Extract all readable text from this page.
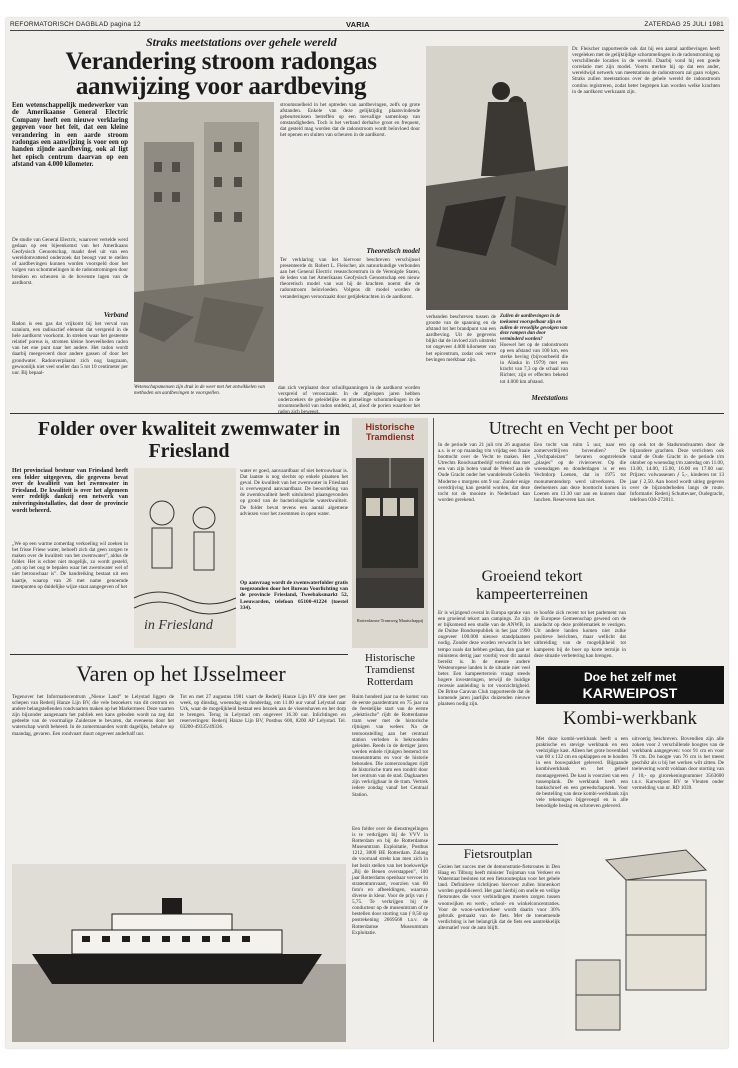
REFORMATORISCH DAGBLAD pagina 12	VARIA	ZATERDAG 25 JULI 1981
Straks meetstations over gehele wereld
Verandering stroom radongas aanwijzing voor aardbeving
Een wetenschappelijk medewerker van de Amerikaanse General Electric Company heeft een nieuwe verklaring gegeven voor het feit, dat een kleine verandering in een aarde stroom radongas een aanwijzing is voor een op handen zijnde aardbeving, ook al ligt het episch centrum daarvan op een afstand van 4.000 kilometer.
De studie van General Electric, waarover vertelde werd gedaan op een bijeenkomst van het Amerikaans Geofysisch Genootschap, maakt deel uit van een wereldomvattend onderzoek dat beoogt vast te stellen of aardbevingen kunnen worden voorspeld door het volgen van schommelingen in de radonstromingen door breuken en scheuren in de bovenste lagen van de aardkorst.
Verband
Radon is een gas dat vrijkomt bij het verval van uranium, een radioactief element dat verspreid in de hele aardkorst voorkomt. In streken waar het gesteente relatief poreus is, stromen kleine hoeveelheden radon van het ene punt naar het andere. Het radon wordt daarbij meegevoerd door andere gassen of door het grondwater. Radonverplaatst zich nog langzaam, gewoonlijk niet veel sneller dan 5 tot 10 centimeter per uur. Bij bepaal-
Wetenschapsmensen zijn druk in de weer met het ontwikkelen van methoden om aardbevingen te voorspellen.
dan zich verplaatst door schuifspanningen in de aardkorst worden verspreid of veroorzaakt. In de afgelopen jaren hebben onderzoekers de geleidelijke en plotselinge schommelingen in de stroomsnelheid van radon ontdekt, af, aloof de porien waardoor het
stroomsnelheid in het optreden van aardbevingen, zelfs op grote afstanden. Enkele van deze gelijktijdig plaatsvindende gebeurtenissen betreffen op een toevallige samenloop van omstandigheden. Toch is het verband derhalve groot en frequent, dat gesteld mag worden dat de radonstroom wordt beïnvloed door het openen en sluiten van scheuren in de aardkorst.
Theoretisch model
Ter verklaring van het hiervoor beschreven verschijnsel presenteerde dr. Robert L. Fleischer, als natuurkundige verbonden aan het General Electric researchcentrum in de Verenigde Staten, de leden van het Amerikaans Geofysisch Genootschap een nieuw theoretisch model van wat hij de krachten noemt die de radonstroom beïnvloeden. Volgens dit model worden de veranderingen veroorzaakt door getijdekrachten in de aardkorst.
verbanden beschreven tussen de grootte van de spanning en de afstand tot het brandpunt van een aardbeving. Uit de gegevens blijkt dat de invloed zich uitstrekt tot ongeveer 4.000 kilometer van het epicentrum, zodat ook verre bevingen merkbaar zijn.
Zullen de aardbevingen in de toekomst voorspelbaar zijn en zullen de vreselijke gevolgen van deze rampen dan door verminderd worden?
Hoewel het op de radonstroom op een afstand van 100 km, een sterke beving (bijvoorbeeld die in Alaska in 1979) met een kracht van 7,3 op de schaal van Richter, zijn er effecten bekend tot 4.000 km afstand.
Meetstations
Dr. Fleischer rapporteerde ook dat hij een aantal aardbevingen heeft vergeleken met de gelijktijdige schommelingen in de radonstroming op verschillende locaties in de wereld. Daarbij vond hij een goede correlatie met zijn model. Voorts merkte hij op dat een ander, wereldwijd netwerk van meetstations de radonstroom zal gaan volgen. Straks zullen meetstations over de gehele wereld de radonstroom continu registreren, zodat beter begrepen kan worden welke krachten in de aardkorst werkzaam zijn.
Folder over kwaliteit zwemwater in Friesland
Het provinciaal bestuur van Friesland heeft een folder uitgegeven, die gegevens bevat over de kwaliteit van het zwemwater in Friesland. De kwaliteit is over het algemeen weer redelijk dankzij een netwerk van zuiveringsinstallaties, dat door de provincie wordt beheerd.
„We op een warme zomerdag verkoeling wil zoeken in het frisse Friese water, behoeft zich dat geen zorgen te maken over de kwaliteit van het zwemwater”, aldus de folder. Het is echter niet mogelijk, zo wordt gesteld, „om op het oog te bepalen waar het zwemwater wel of niet betrouwbaar is”. De handreiking bestaat uit een kaartje, waarop van 26 met name genoemde meetpunten op duidelijke wijze staat aangegeven of het
in Friesland
water er goed, aanvaardbaar of niet betrouwbaar is. Dat laatste is nog slechts op enkele plaatsen het geval. De kwaliteit van het zwemwater in Friesland is overwegend aanvaardbaar. De beoordeling van de zwemkwaliteit heeft uitsluitend plaatsgevonden op grond van de bacteriologische waterkwaliteit. De folder bevat tevens een aantal algemene adviezen voor het zwemmen in open water.
Op aanvraag wordt de zwemwaterfolder gratis toegezonden door het Bureau Voorlichting van de provincie Friesland, Tweebaksmarkt 52, Leeuwarden, telefoon 05100-41224 (toestel 334).
Historische Tramdienst
Rotterdamse Tramweg Maatschappij
Historische Tramdienst Rotterdam
Ruim honderd jaar na de komst van de eerste paardentram en 75 jaar na de feestelijke start van de eerste „elektrische” rijdt de Rotterdamse tram weer met de historische rijtuigen van weleer. Na de tentoonstelling aan het centraal station verleden is bekroonden geleiden. Reeds in de dertiger jaren werden enkele rijtuigen bestemd tot museumtrams en voor de historie behouden. Die zomerzondagen rijdt de historische tram een rondrit door het centrum van de stad. Dagkaarten zijn verkrijgbaar in de tram. Vertrek iedere zondag vanaf het Centraal Station.
Een folder over de dienstregelingen is te verkrijgen bij de VVV in Rotterdam en bij de Rotterdamse Museumtram Exploitatie, Postbus 1212, 3000 BE Rotterdam. Zolang de voorraad strekt kan men zich in het bezit stellen van het boekwerkje „Bij de Benen overstappen”, 100 jaar Rotterdams openbaar vervoer in stratentramvaart, voorzien van 60 foto's en afbeeldingen, waarvan diverse in kleur. Voor de prijs van ƒ 5,75. Te verkrijgen bij de conducteur op de museumtram of te bestellen door storting van ƒ 8,50 op postrekening 2669568 t.a.v. de Rotterdamse Museumtram Exploitatie.
Utrecht en Vecht per boot
In de periode van 21 juli t/m 26 augustus a.s. is er op maandag t/m vrijdag een fraaie boottocht over de Vecht te maken. Het Utrechts Rondvaartbedrijf vertrekt dan met een van zijn boten vanaf de Weerd aan de Oude Gracht onder het wandelende Gobelin Moderne s morgens om 9 uur. Zonder enige overdrijving kan gesteld worden, dat deze tocht tot de mooiste in Nederland kan worden gerekend.
Een tocht van ruim 5 uur, naar een zomerverblijven bovendien? De „Vechtpaleizen” bevaren oogstrelende „plasjes” op de rivieroever. Op die woensdagen en donderdagen is er een Vechtdorp Loenen, dat in 1975 tot monumentendorp werd uitverkoren. De deelnemers aan deze boottocht komen in Loenen om 11.30 uur aan en kunnen daar lunchen. Reserveren kan niet.
op ook tot de Stadsrondvaarten door de bijzondere grachten. Deze verrichten ook vanaf de Oude Gracht in de periode t/m oktober op woensdag t/m zaterdag om 11.00, 13.00, 14.00, 15.00, 16.00 en 17.00 uur. Prijzen: volwassenen ƒ 5,-, kinderen tot 13 jaar ƒ 2,50. Aan boord wordt uitleg gegeven over de bijzonderheden langs de route. Informatie: Rederij Schuttevaer, Oudegracht, telefoon 030-272011.
Groeiend tekort kampeerterreinen
Er is wijzigend overal in Europa sprake van een groeiend tekort aan campings. Zo zijn er bijkomend een studie van de ANWB, in de Duitse Bondsrepubliek in het jaar 1990 ongeveer 100.000 nieuwe standplaatsen nodig. Zonder deze worden verwacht in het tempo zoals dat hebben gedaan, dan gaat er ministens dertig jaar voorbij voor dit aantal bereikt is. In de meeste andere Westeuropese landen is de situatie niet veel beter. Een kampeerterrein vraagt steeds hogere investeringen, terwijl de huidige recessie aanleiding is tot voorzichtigheid. De Britse Caravan Club rapporteerde dat de komende jaren jaarlijks duizenden nieuwe plaatsen nodig zijn.
te hoofde zich recent tot het parlement van de Europese Gemeenschap gewend om de aandacht op deze problematiek te vestigen. Uit andere landen komen niet zulke positieve berichten, maar wellicht dat uitbreiding van de mogelijkheid tot kamperen bij de boer op korte termijn in deze situatie verbetering kan brengen.
Doe het zelf met
KARWEIPOST
Kombi-werkbank
Met deze kombi-werkbank heeft u een praktische en stevige werkbank en een veelzijdige kast. Alleen het grote bovenblad van 60 x 132 cm en opklappen en te houden in een bouwpakket geleverd. Bijgaande kombiwerkbank en het geheel montagegereed. De kast is voorzien van een tussenplank. De werkbank heeft een bankschroef en een gereedschapsrek. Voor de bestelling van deze kombi-werkbank zijn vele tekeningen bijgevoegd en is alle benodigde beslag en schroeven geleverd.
uitvoerig beschreven. Bovendien zijn alle zoken voor 2 verschillende hoogtes van de werkbank aangegeven: voor 91 cm en voor 76 cm. Do hoogte van 76 cm is het meest geschikt als u bij het werken wilt zitten. De toelevering wordt voldaan door storting van ƒ 10,- op girorekeningnummer 3563600 t.n.v. Karweipost BV te Vleuten onder vermelding van nr. RD 1039.
Fietsroutplan
Gezien het succes met de demonstratie-fietsroutes in Den Haag en Tilburg heeft minister Tuijnman van Verkeer en Waterstaat besloten tot een fietsroutesplan voor het gehele land. Definitieve richtlijnen hiervoor zullen binnenkort worden gepubliceerd. Het gaat hierbij om snelle en veilige fietsroutes die voor verbindingen moeten zorgen tussen woonwijken en werk-, school- en winkelconcentraties. Voor de woon-werkverkeer wordt daarin voor 30% gebruik gemaakt van de fiets. Met de toenemende verdichting is het belangrijk dat de fiets een aantrekkelijk alternatief voor de auto blijft.
Varen op het IJsselmeer
Tegenover het Informatiecentrum „Nieuw Land” te Lelystad liggen de schepen van Rederij Hanze Lijn BV, die vele bezoekers van dit centrum en andere belangstellenden rondvaarten maken op het Markermeer. Deze vaarten zijn bijzonder aangenaam het publiek een kans geboden wordt na zeg dat gedeelte van de voormalige Zuiderzee te bevaren, dat eveneens door het waterschap wordt beheerd. In de zomermaanden wordt dagelijks, behalve op maandag, gevaren. Een rondvaart duurt ongeveer anderhalf uur.
Tot en met 27 augustus 1981 vaart de Rederij Hanze Lijn BV drie keer per week, op dinsdag, woensdag en donderdag, om 11.00 uur vanaf Lelystad naar Urk, waar de mogelijkheid bestaat een bezoek aan de vissershaven en het dorp te brengen. Terug in Lelystad om ongeveer 16.30 uur. Inlichtingen en reserveringen: Rederij Hanze Lijn BV, Postbus 600, 8200 AP Lelystad. Tel. 03200-49335/49336.
